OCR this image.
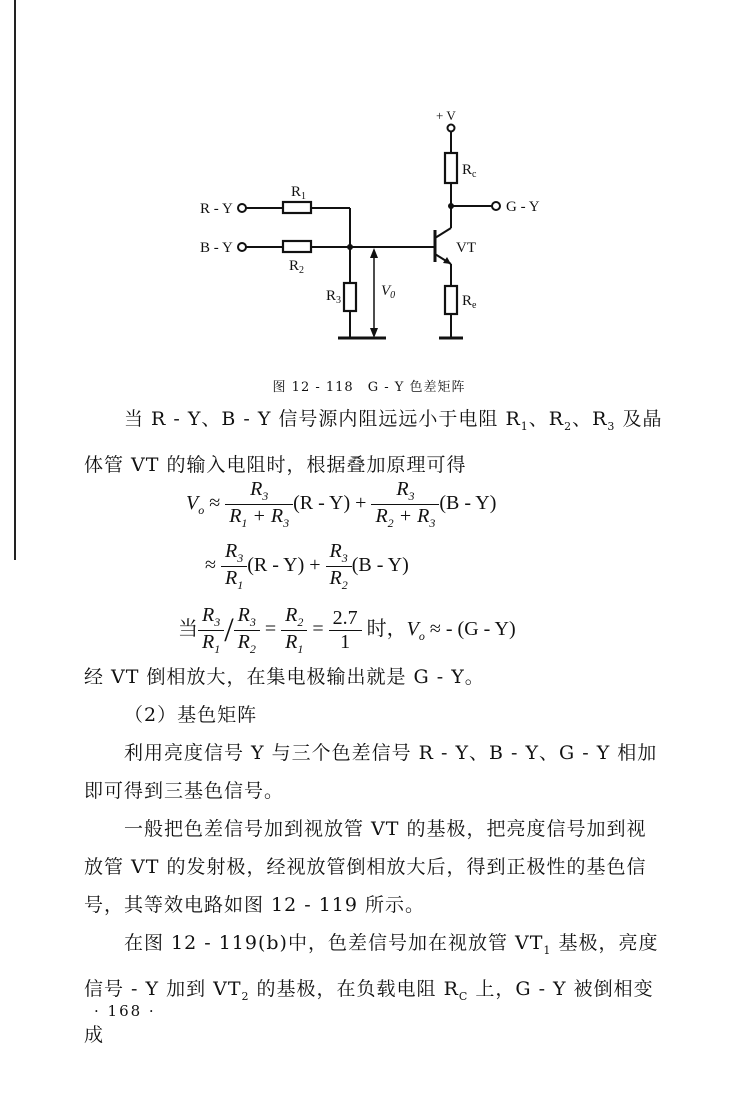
+ V
$R_c$
G - Y
VT
$R_e$
R - Y
$R_1$
B - Y
$R_2$
$R_3$
$V_0$
图 12 - 118　G - Y 色差矩阵

当 R - Y、B - Y 信号源内阻远远小于电阻 $R_1$、$R_2$、$R_3$ 及晶体管 VT 的输入电阻时，根据叠加原理可得

$V_o \approx \frac{R_3}{R_1 + R_3} (R - Y) + \frac{R_3}{R_2 + R_3} (B - Y)$
≈ $\frac{R_3}{R_1} (R - Y) + \frac{R_3}{R_2} (B - Y)$
当 $\frac{R_3}{R_1} / \frac{R_3}{R_2} = \frac{R_2}{R_1} = \frac{2.7}{1}$ 时，$V_o$ ≈ - (G - Y)

经 VT 倒相放大，在集电极输出就是 G - Y。

（2）基色矩阵

利用亮度信号 Y 与三个色差信号 R - Y、B - Y、G - Y 相加即可得到三基色信号。

一般把色差信号加到视放管 VT 的基极，把亮度信号加到视放管 VT 的发射极，经视放管倒相放大后，得到正极性的基色信号，其等效电路如图 12 - 119 所示。

在图 12 - 119(b)中，色差信号加在视放管 $VT_1$ 基极，亮度信号 - Y 加到 $VT_2$ 的基极，在负载电阻 $R_C$ 上，G - Y 被倒相变成

· 168 ·
